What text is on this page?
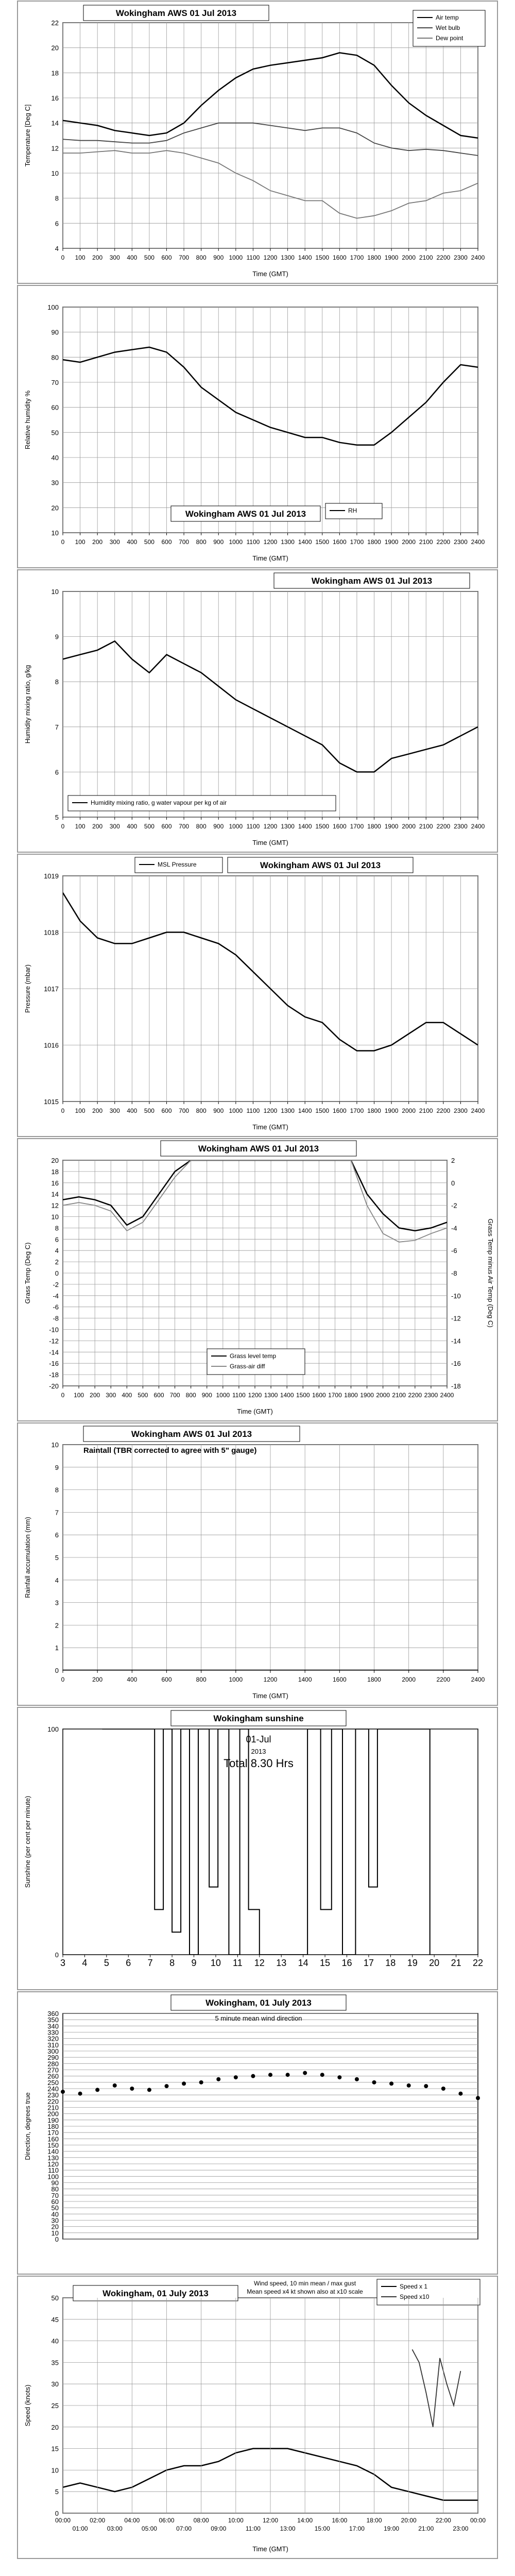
4
6
8
10
12
14
16
18
20
22
0 100 200 300 400 500 600 700 800 900 1000 1100 1200 1300 1400 1500 1600 1700 1800 1900 2000 2100 2200 2300 2400
Time (GMT)
Temperature [Deg C]
Wokingham AWS 01 Jul 2013	Air temp
Wet bulb
Dew point
10
20
30
40
50
60
70
80
90
100
0 100 200 300 400 500 600 700 800 900 1000 1100 1200 1300 1400 1500 1600 1700 1800 1900 2000 2100 2200 2300 2400
Time (GMT)
Relative humidity %
Wokingham AWS 01 Jul 2013	RH
5
6
7
8
9
10
0 100 200 300 400 500 600 700 800 900 1000 1100 1200 1300 1400 1500 1600 1700 1800 1900 2000 2100 2200 2300 2400
Time (GMT)
Humidity mixing ratio, g/kg
Wokingham AWS 01 Jul 2013
Humidity mixing ratio, g water vapour per kg of air
1015
1016
1017
1018
1019
0 100 200 300 400 500 600 700 800 900 1000 1100 1200 1300 1400 1500 1600 1700 1800 1900 2000 2100 2200 2300 2400
Time (GMT)
Pressure (mbar)
Wokingham AWS 01 Jul 2013
MSL Pressure
20
18
16
14
12
10
8
6
4
2
0
-2
-4
-6
-8
-10
-12
-14
-16
-18
-20
0 100 200 300 400 500 600 700 800 900 1000 1100 1200 1300 1400 1500 1600 1700 1800 1900 2000 2100 2200 2300 2400
Time (GMT)
Grass Temp (Deg C)
2
0
-2
-4
-6
-8
-10
-12
-14
-16
-18
Grass Temp minus Air Temp (Deg C)
Wokingham AWS 01 Jul 2013
Grass level temp
Grass-air diff
0
1
2
3
4
5
6
7
8
9
10
0	200	400	600	800	1000	1200	1400	1600	1800	2000	2200	2400
Time (GMT)
Rainfall accumulation (mm)
Wokingham AWS 01 Jul 2013
Raintall (TBR corrected to agree with 5" gauge)
0
100
3 4 5 6 7 8 9 10 11 12 13 14 15 16 17 18 19 20 21 22
Sunshine (per cent per minute)
Wokingham sunshine
01-Jul
2013
Total 8.30 Hrs
0
10
20
30
40
50
60
70
80
90
100
110
120
130
140
150
160
170
180
190
200
210
220
230
240
250
260
270
280
290
300
310
320
330
340
350
360
Direction, degrees true
Wokingham, 01 July 2013
5 minute mean wind direction
0
5
10
15
20
25
30
35
40
45
50
Time (GMT)
Speed (knots)
Wokingham, 01 July 2013
Speed x 1
Speed x10
Wind speed, 10 min mean / max gust
Mean speed x4 kt shown also at x10 scale
00:00	02:00	04:00	06:00	08:00	10:00	12:00	14:00	16:00	18:00	20:00	22:00	00:00
01:00	03:00	05:00	07:00	09:00	11:00	13:00	15:00	17:00	19:00	21:00	23:00
